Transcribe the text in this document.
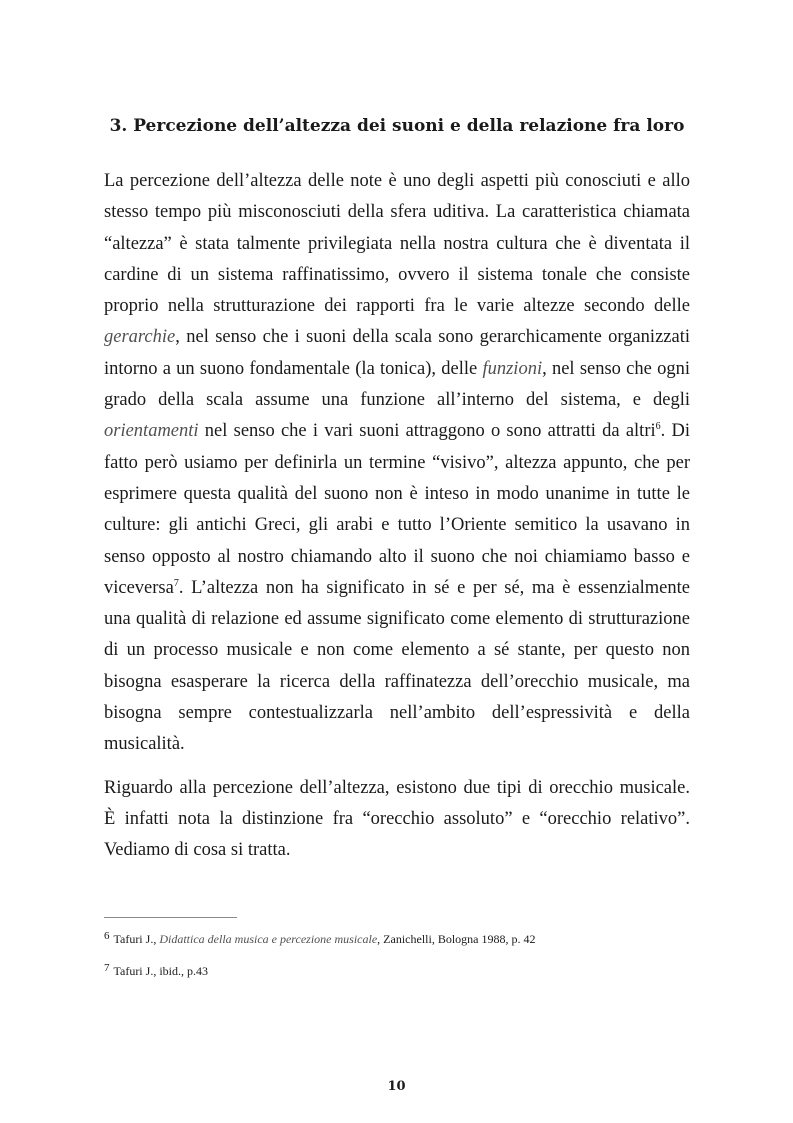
3. Percezione dell’altezza dei suoni e della relazione fra loro

La percezione dell’altezza delle note è uno degli aspetti più conosciuti e allo
stesso tempo più misconosciuti della sfera uditiva. La caratteristica chiamata
“altezza” è stata talmente privilegiata nella nostra cultura che è diventata il
cardine di un sistema raffinatissimo, ovvero il sistema tonale che consiste
proprio nella strutturazione dei rapporti fra le varie altezze secondo delle
gerarchie, nel senso che i suoni della scala sono gerarchicamente organizzati
intorno a un suono fondamentale (la tonica), delle funzioni, nel senso che ogni
grado della scala assume una funzione all’interno del sistema, e degli
orientamenti nel senso che i vari suoni attraggono o sono attratti da altri$^6$. Di
fatto però usiamo per definirla un termine “visivo”, altezza appunto, che per
esprimere questa qualità del suono non è inteso in modo unanime in tutte le
culture: gli antichi Greci, gli arabi e tutto l’Oriente semitico la usavano in
senso opposto al nostro chiamando alto il suono che noi chiamiamo basso e
viceversa$^7$. L’altezza non ha significato in sé e per sé, ma è essenzialmente
una qualità di relazione ed assume significato come elemento di strutturazione
di un processo musicale e non come elemento a sé stante, per questo non
bisogna esasperare la ricerca della raffinatezza dell’orecchio musicale, ma
bisogna sempre contestualizzarla nell’ambito dell’espressività e della
musicalità.

Riguardo alla percezione dell’altezza, esistono due tipi di orecchio musicale.
È infatti nota la distinzione fra “orecchio assoluto” e “orecchio relativo”.
Vediamo di cosa si tratta.

$^6$ Tafuri J., Didattica della musica e percezione musicale, Zanichelli, Bologna 1988, p. 42
$^7$ Tafuri J., ibid., p.43
10
